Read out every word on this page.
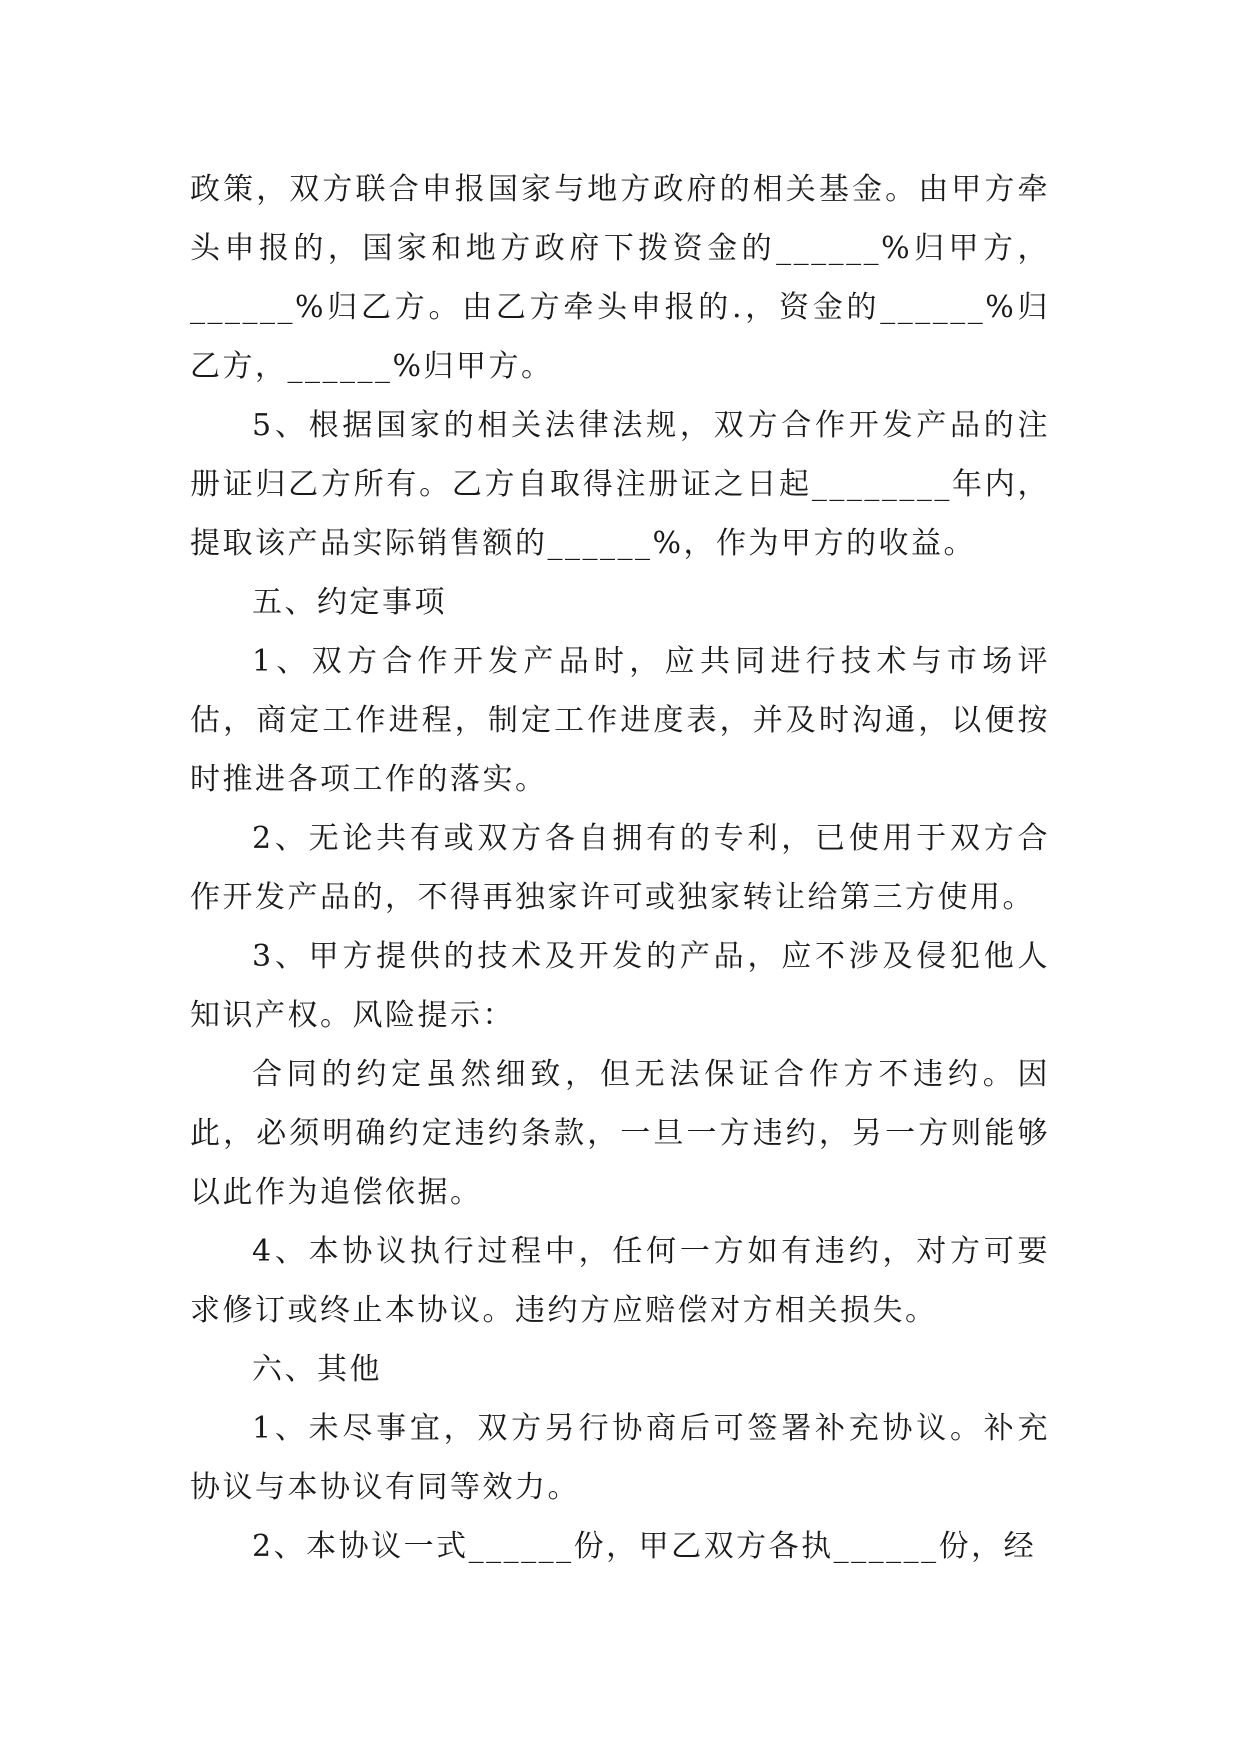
政策，双方联合申报国家与地方政府的相关基金。由甲方牵头申报的，国家和地方政府下拨资金的______%归甲方，______%归乙方。由乙方牵头申报的.，资金的______%归乙方，______%归甲方。

5、根据国家的相关法律法规，双方合作开发产品的注册证归乙方所有。乙方自取得注册证之日起________年内，提取该产品实际销售额的______%，作为甲方的收益。

五、约定事项

1、双方合作开发产品时，应共同进行技术与市场评估，商定工作进程，制定工作进度表，并及时沟通，以便按时推进各项工作的落实。

2、无论共有或双方各自拥有的专利，已使用于双方合作开发产品的，不得再独家许可或独家转让给第三方使用。

3、甲方提供的技术及开发的产品，应不涉及侵犯他人知识产权。风险提示：

合同的约定虽然细致，但无法保证合作方不违约。因此，必须明确约定违约条款，一旦一方违约，另一方则能够以此作为追偿依据。

4、本协议执行过程中，任何一方如有违约，对方可要求修订或终止本协议。违约方应赔偿对方相关损失。

六、其他

1、未尽事宜，双方另行协商后可签署补充协议。补充协议与本协议有同等效力。

2、本协议一式______份，甲乙双方各执______份，经
